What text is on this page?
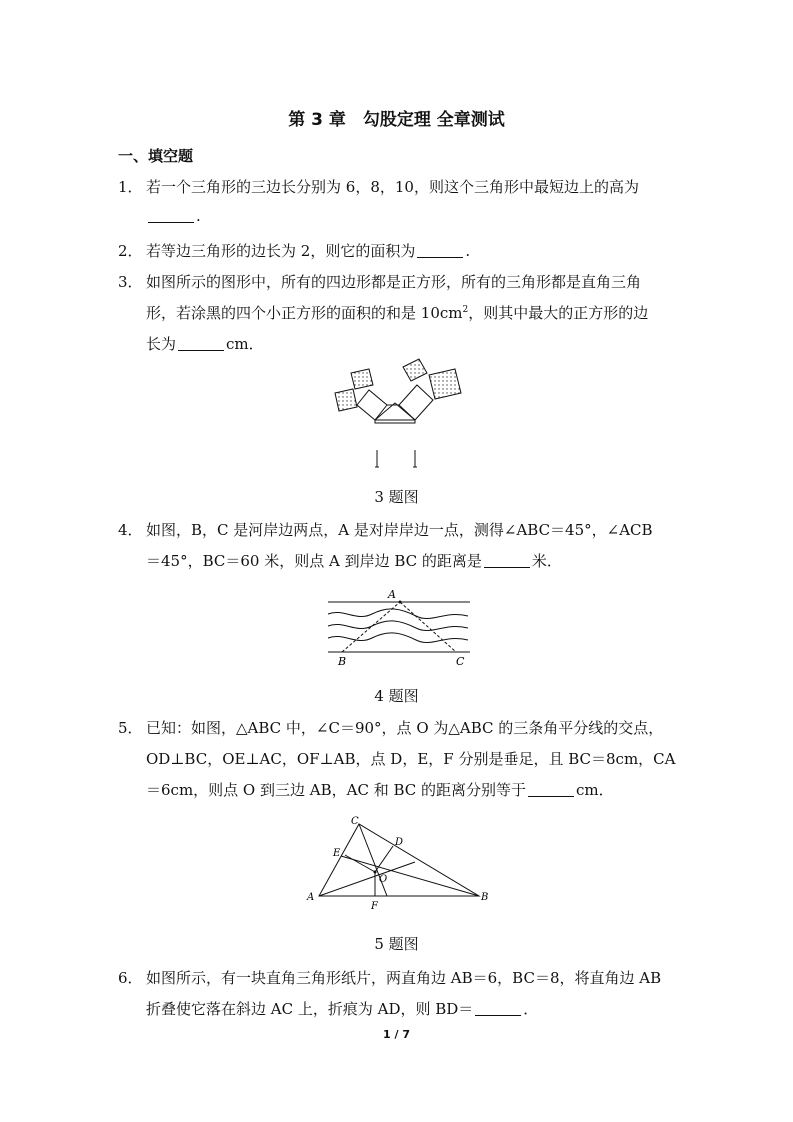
第 3 章　勾股定理 全章测试
一、填空题
1． 若一个三角形的三边长分别为 6，8，10，则这个三角形中最短边上的高为
.
2． 若等边三角形的边长为 2，则它的面积为	.
3． 如图所示的图形中，所有的四边形都是正方形，所有的三角形都是直角三角
形，若涂黑的四个小正方形的面积的和是 $10cm^2$，则其中最大的正方形的边
长为	cm．
3 题图
4． 如图，B，C 是河岸边两点，A 是对岸岸边一点，测得∠ABC＝45°，∠ACB
＝45°，BC＝60 米，则点 A 到岸边 BC 的距离是	米．
A
B	C
4 题图
5． 已知：如图，△ABC 中，∠C＝90°，点 O 为△ABC 的三条角平分线的交点，
OD⊥BC，OE⊥AC，OF⊥AB，点 D，E，F 分别是垂足，且 BC＝8cm，CA
＝6cm，则点 O 到三边 AB，AC 和 BC 的距离分别等于	cm．
A	B
C
D
E
F
O
5 题图
6． 如图所示，有一块直角三角形纸片，两直角边 AB＝6，BC＝8，将直角边 AB
折叠使它落在斜边 AC 上，折痕为 AD，则 BD＝	．
1 / 7
